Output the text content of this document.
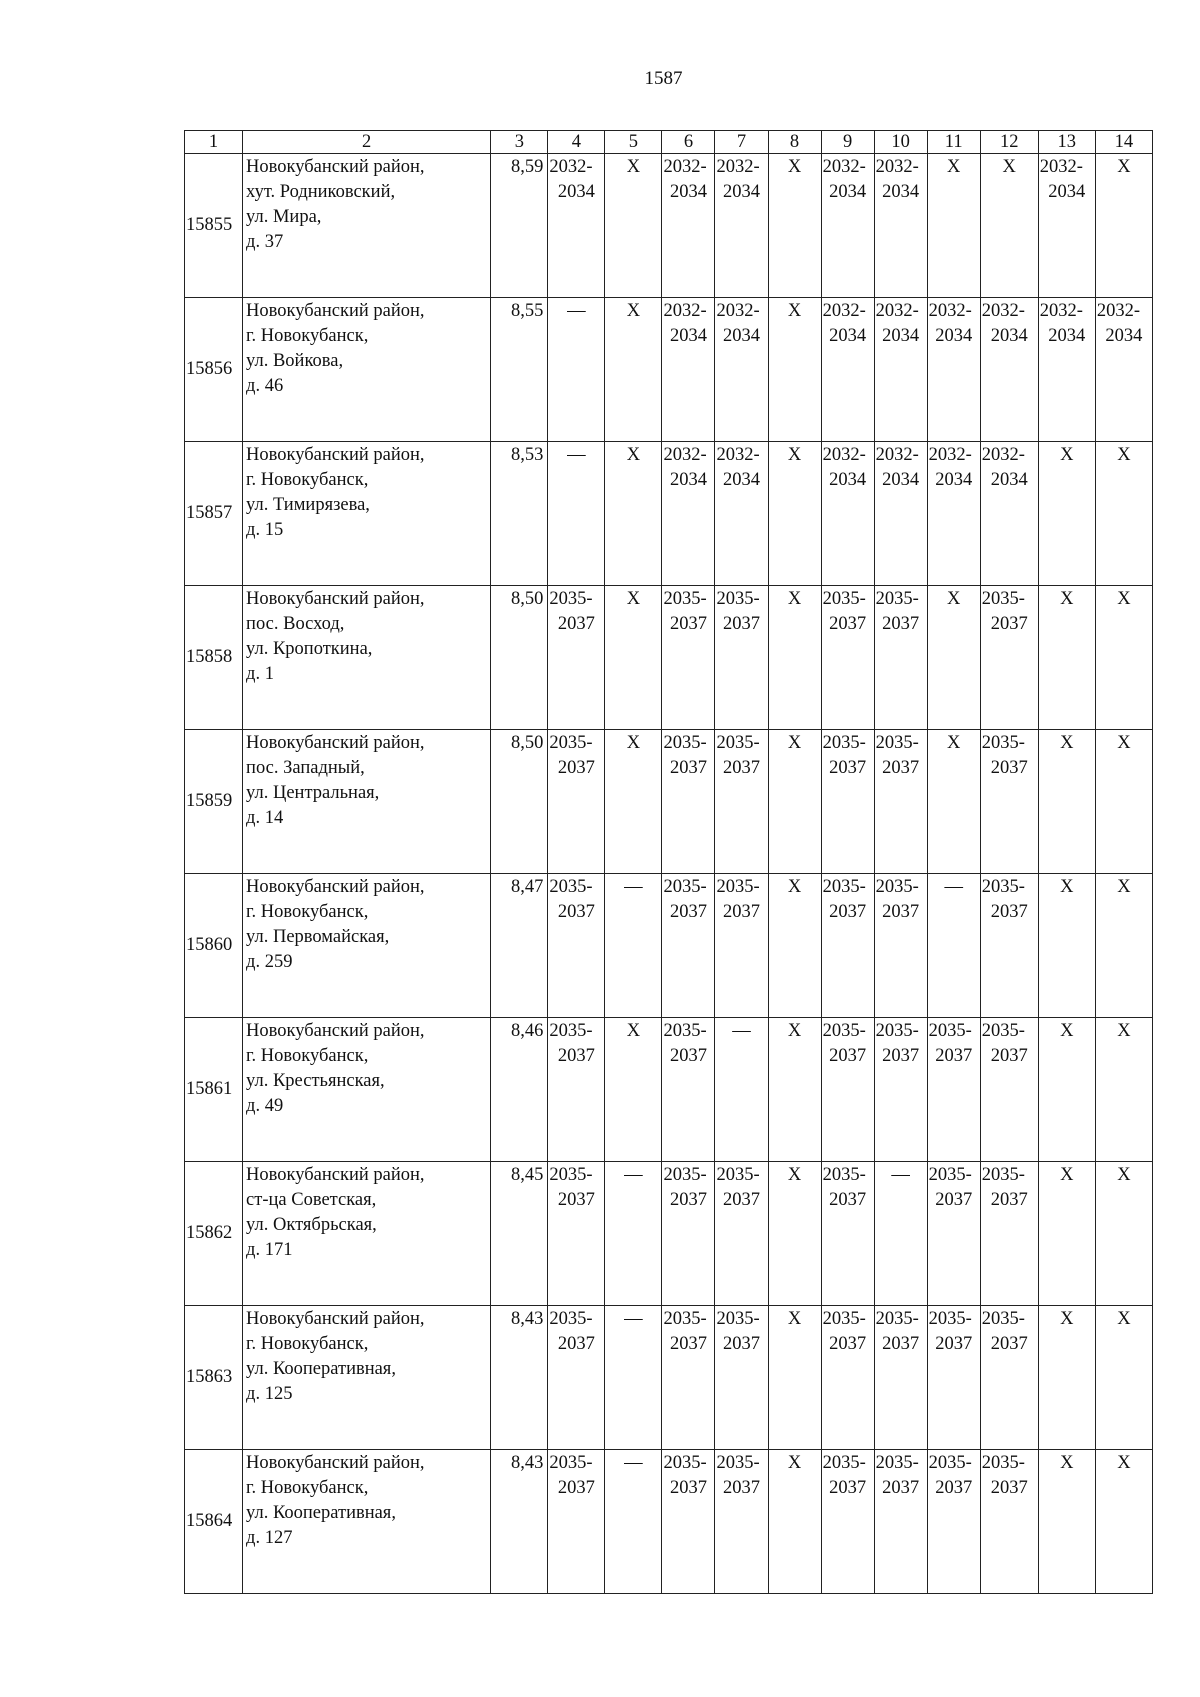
1587
1	2	3	4	5	6	7	8	9	10	11	12	13	14
15855	Новокубанский район,
хут. Родниковский,
ул. Мира,
д. 37	8,59	2032-
2034	Х	2032-
2034	2032-
2034	Х	2032-
2034	2032-
2034	Х	Х	2032-
2034	Х
15856	Новокубанский район,
г. Новокубанск,
ул. Войкова,
д. 46	8,55	—	Х	2032-
2034	2032-
2034	Х	2032-
2034	2032-
2034	2032-
2034	2032-
2034	2032-
2034	2032-
2034

15857	Новокубанский район,
г. Новокубанск,
ул. Тимирязева,
д. 15	8,53	—	Х	2032-
2034	2032-
2034	Х	2032-
2034	2032-
2034	2032-
2034	2032-
2034	Х	Х
15858	Новокубанский район,
пос. Восход,
ул. Кропоткина,
д. 1	8,50	2035-
2037	Х	2035-
2037	2035-
2037	Х	2035-
2037	2035-
2037	Х	2035-
2037	Х	Х
15859	Новокубанский район,
пос. Западный,
ул. Центральная,
д. 14	8,50	2035-
2037	Х	2035-
2037	2035-
2037	Х	2035-
2037	2035-
2037	Х	2035-
2037	Х	Х
15860	Новокубанский район,
г. Новокубанск,
ул. Первомайская,
д. 259	8,47	2035-
2037	—	2035-
2037	2035-
2037	Х	2035-
2037	2035-
2037	—	2035-
2037	Х	Х
15861	Новокубанский район,
г. Новокубанск,
ул. Крестьянская,
д. 49	8,46	2035-
2037	Х	2035-
2037	—	Х	2035-
2037	2035-
2037	2035-
2037	2035-
2037	Х	Х
15862	Новокубанский район,
ст-ца Советская,
ул. Октябрьская,
д. 171	8,45	2035-
2037	—	2035-
2037	2035-
2037	Х	2035-
2037	—	2035-
2037	2035-
2037	Х	Х
15863	Новокубанский район,
г. Новокубанск,
ул. Кооперативная,
д. 125	8,43	2035-
2037	—	2035-
2037	2035-
2037	Х	2035-
2037	2035-
2037	2035-
2037	2035-
2037	Х	Х
15864	Новокубанский район,
г. Новокубанск,
ул. Кооперативная,
д. 127	8,43	2035-
2037	—	2035-
2037	2035-
2037	Х	2035-
2037	2035-
2037	2035-
2037	2035-
2037	Х	Х
